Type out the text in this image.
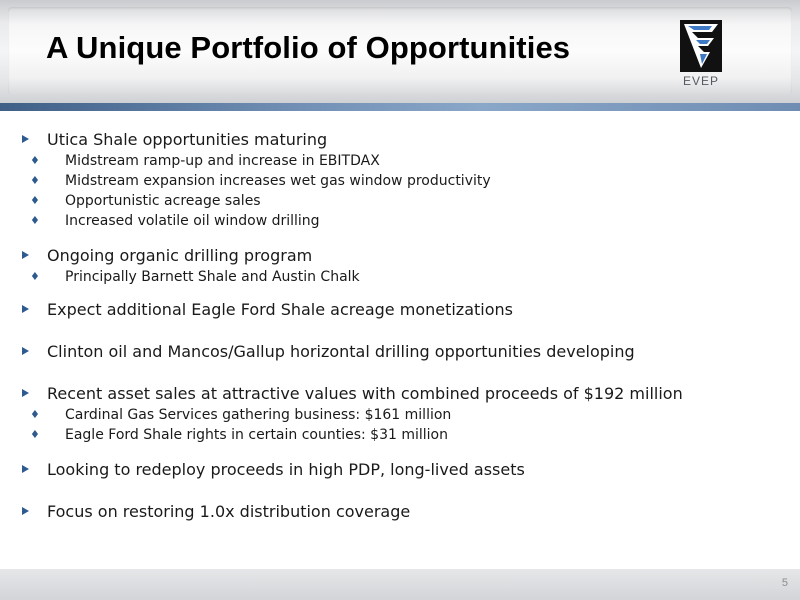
A Unique Portfolio of Opportunities
EVEP
Utica Shale opportunities maturing
♦ Midstream ramp-up and increase in EBITDAX
♦ Midstream expansion increases wet gas window productivity
♦ Opportunistic acreage sales
♦ Increased volatile oil window drilling
Ongoing organic drilling program
♦ Principally Barnett Shale and Austin Chalk
Expect additional Eagle Ford Shale acreage monetizations
Clinton oil and Mancos/Gallup horizontal drilling opportunities developing
Recent asset sales at attractive values with combined proceeds of $192 million
♦ Cardinal Gas Services gathering business: $161 million
♦ Eagle Ford Shale rights in certain counties: $31 million
Looking to redeploy proceeds in high PDP, long-lived assets
Focus on restoring 1.0x distribution coverage
5
